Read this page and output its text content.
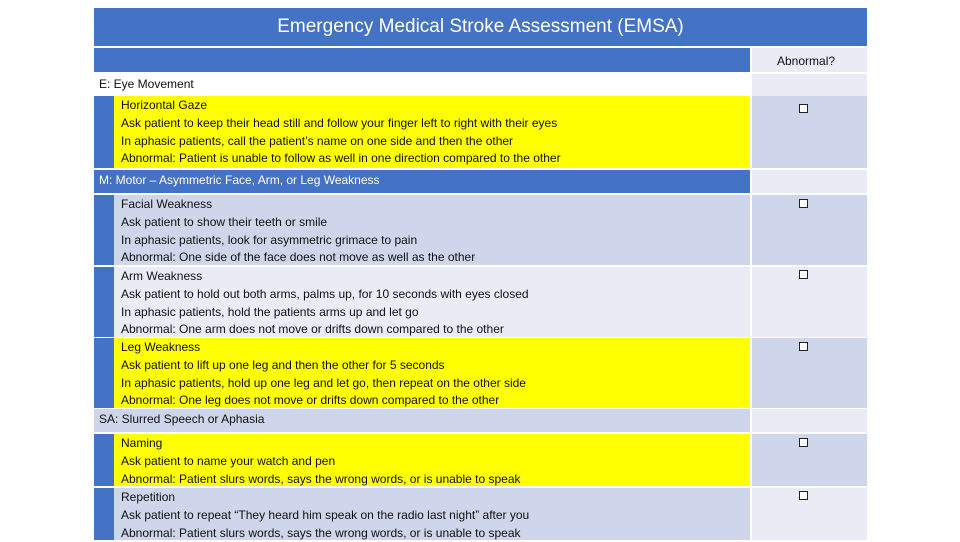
Emergency Medical Stroke Assessment (EMSA)
Abnormal?
E: Eye Movement
Horizontal Gaze
Ask patient to keep their head still and follow your finger left to right with their eyes
In aphasic patients, call the patient’s name on one side and then the other
Abnormal: Patient is unable to follow as well in one direction compared to the other
M: Motor – Asymmetric Face, Arm, or Leg Weakness
Facial Weakness
Ask patient to show their teeth or smile
In aphasic patients, look for asymmetric grimace to pain
Abnormal: One side of the face does not move as well as the other
Arm Weakness
Ask patient to hold out both arms, palms up, for 10 seconds with eyes closed
In aphasic patients, hold the patients arms up and let go
Abnormal: One arm does not move or drifts down compared to the other
Leg Weakness
Ask patient to lift up one leg and then the other for 5 seconds
In aphasic patients, hold up one leg and let go, then repeat on the other side
Abnormal: One leg does not move or drifts down compared to the other
SA: Slurred Speech or Aphasia
Naming
Ask patient to name your watch and pen
Abnormal: Patient slurs words, says the wrong words, or is unable to speak
Repetition
Ask patient to repeat “They heard him speak on the radio last night” after you
Abnormal: Patient slurs words, says the wrong words, or is unable to speak
